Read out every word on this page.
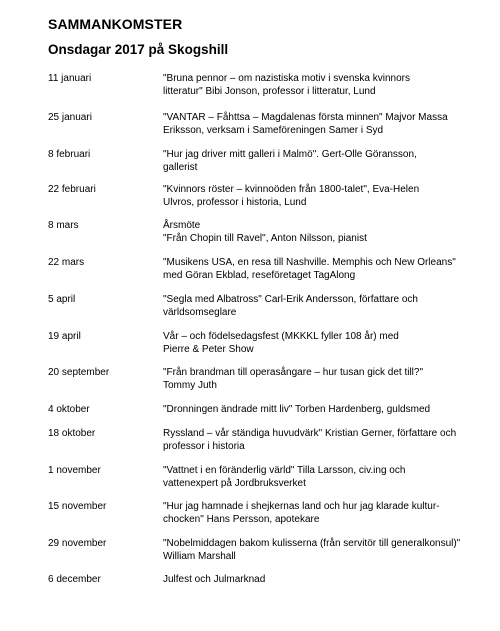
SAMMANKOMSTER
Onsdagar 2017 på Skogshill
11 januari	"Bruna pennor – om nazistiska motiv i svenska kvinnors
litteratur" Bibi Jonson, professor i litteratur, Lund
25 januari	"VANTAR – Fåhttsa – Magdalenas första minnen" Majvor Massa
Eriksson, verksam i Sameföreningen Samer i Syd
8 februari	"Hur jag driver mitt galleri i Malmö". Gert-Olle Göransson,
gallerist
22 februari	"Kvinnors röster – kvinnoöden från 1800-talet", Eva-Helen
Ulvros, professor i historia, Lund
8 mars	Årsmöte
"Från Chopin till Ravel", Anton Nilsson, pianist
22 mars	"Musikens USA, en resa till Nashville. Memphis och New Orleans"
med Göran Ekblad, reseföretaget TagAlong
5 april	"Segla med Albatross" Carl-Erik Andersson, författare och
världsomseglare
19 april	Vår – och födelsedagsfest (MKKKL fyller 108 år) med
Pierre & Peter Show
20 september	"Från brandman till operasångare – hur tusan gick det till?"
Tommy Juth
4 oktober	"Dronningen ändrade mitt liv" Torben Hardenberg, guldsmed
18 oktober	Ryssland – vår ständiga huvudvärk" Kristian Gerner, författare och
professor i historia
1 november	"Vattnet i en föränderlig värld" Tilla Larsson, civ.ing och
vattenexpert på Jordbruksverket
15 november	"Hur jag hamnade i shejkernas land och hur jag klarade kultur-
chocken" Hans Persson, apotekare
29 november	"Nobelmiddagen bakom kulisserna (från servitör till generalkonsul)"
William Marshall
6 december	Julfest och Julmarknad
